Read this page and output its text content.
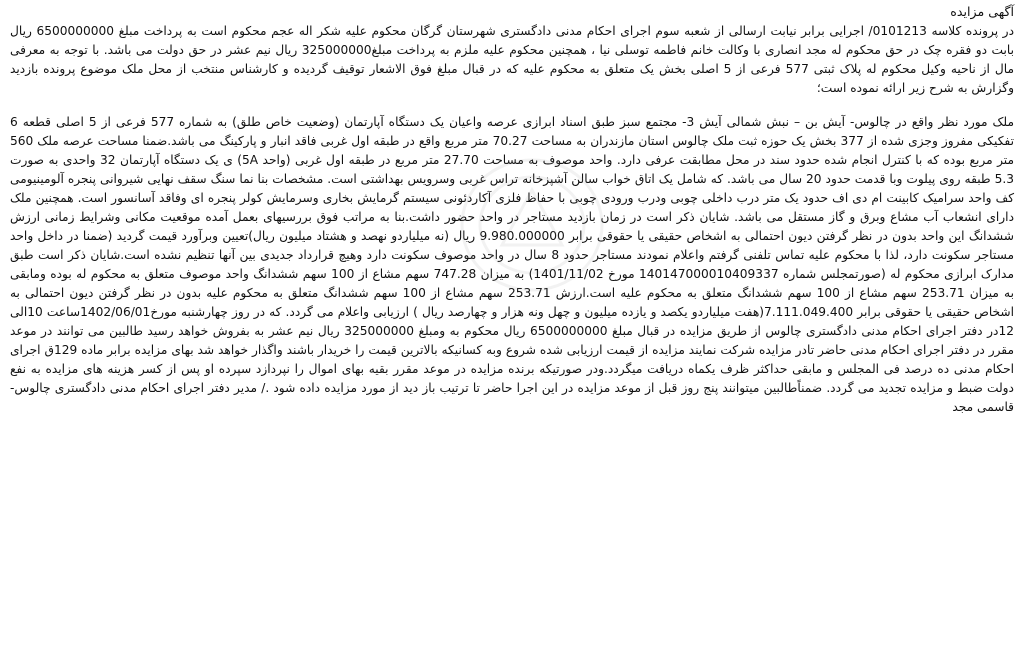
آگهی مزایده

در پرونده کلاسه 0101213/ اجرایی برابر نیابت ارسالی از شعبه سوم اجرای احکام مدنی دادگستری شهرستان گرگان محکوم علیه شکر اله عجم محکوم است به پرداخت مبلغ 6500000000 ریال بابت دو فقره چک در حق محکوم له مجد انصاری با وکالت خانم فاطمه توسلی نیا ، همچنین محکوم علیه ملزم به پرداخت مبلغ325000000 ریال نیم عشر در حق دولت می باشد. با توجه به معرفی مال از ناحیه وکیل محکوم له پلاک ثبتی 577 فرعی از 5 اصلی بخش یک متعلق به محکوم علیه که در قبال مبلغ فوق الاشعار توقیف گردیده و کارشناس منتخب از محل ملک موضوع پرونده بازدید وگزارش به شرح زیر ارائه نموده است؛

ملک مورد نظر واقع در چالوس- آیش بن – نبش شمالی آیش 3- مجتمع سبز طبق اسناد ابرازی عرصه واعیان یک دستگاه آپارتمان (وضعیت خاص طلق) به شماره 577 فرعی از 5 اصلی قطعه 6 تفکیکی مفروز وجزی شده از 377 بخش یک حوزه ثبت ملک چالوس استان مازندران به مساحت 70.27 متر مربع واقع در طبقه اول غربی فاقد انبار و پارکینگ می باشد.ضمنا مساحت عرصه ملک 560 متر مربع بوده که با کنترل انجام شده حدود سند در محل مطابقت عرفی دارد. واحد موصوف به مساحت 27.70 متر مربع در طبقه اول غربی (واحد 5A) ی یک دستگاه آپارتمان 32 واحدی به صورت 5.3 طبقه روی پیلوت وبا قدمت حدود 20 سال می باشد. که شامل یک اتاق خواب سالن آشپزخانه تراس غربی وسرویس بهداشتی است. مشخصات بنا نما سنگ سقف نهایی شیروانی پنجره آلومینیومی کف واحد سرامیک کابینت ام دی اف حدود یک متر درب داخلی چوبی ودرب ورودی چوبی با حفاظ فلزی آکاردئونی سیستم گرمایش بخاری وسرمایش کولر پنجره ای وفاقد آسانسور است. همچنین ملک دارای انشعاب آب مشاع وبرق و گاز مستقل می باشد. شایان ذکر است در زمان بازدید مستاجر در واحد حضور داشت.بنا به مراتب فوق بررسیهای بعمل آمده موقعیت مکانی وشرایط زمانی ارزش ششدانگ این واحد بدون در نظر گرفتن دیون احتمالی به اشخاص حقیقی یا حقوقی برابر 9.980.000000 ریال (نه میلیاردو نهصد و هشتاد میلیون ریال)تعیین وبرآورد قیمت گردید (ضمنا در داخل واحد مستاجر سکونت دارد، لذا با محکوم علیه تماس تلفنی گرفتم واعلام نمودند مستاجر حدود 8 سال در واحد موصوف سکونت دارد وهیچ قرارداد جدیدی بین آنها تنظیم نشده است.شایان ذکر است طبق مدارک ابرازی محکوم له (صورتمجلس شماره 140147000010409337 مورخ 1401/11/02) به میزان 747.28 سهم مشاع از 100 سهم ششدانگ واحد موصوف متعلق به محکوم له بوده ومابقی به میزان 253.71 سهم مشاع از 100 سهم ششدانگ متعلق به محکوم علیه است.ارزش 253.71 سهم مشاع از 100 سهم ششدانگ متعلق به محکوم علیه بدون در نظر گرفتن دیون احتمالی به اشخاص حقیقی یا حقوقی برابر 7.111.049.400(هفت میلیاردو یکصد و یازده میلیون و چهل ونه هزار و چهارصد ریال ) ارزیابی واعلام می گردد. که در روز چهارشنبه مورخ1402/06/01ساعت 10الی 12در دفتر اجرای احکام مدنی دادگستری چالوس از طریق مزایده در قبال مبلغ 6500000000 ریال محکوم به ومبلغ 325000000 ریال نیم عشر به بفروش خواهد رسید طالبین می توانند در موعد مقرر در دفتر اجرای احکام مدنی حاضر تادر مزایده شرکت نمایند مزایده از قیمت ارزیابی شده شروع وبه کسانیکه بالاترین قیمت را خریدار باشند واگذار خواهد شد بهای مزایده برابر ماده 129ق اجرای احکام مدنی ده درصد فی المجلس و مابقی حداکثر ظرف یکماه دریافت میگردد.ودر صورتیکه برنده مزایده در موعد مقرر بقیه بهای اموال را نپردازد سپرده او پس از کسر هزینه های مزایده به نفع دولت ضبط و مزایده تجدید می گردد. ضمناًطالبین میتوانند پنج روز قبل از موعد مزایده در این اجرا حاضر تا ترتیب باز دید از مورد مزایده داده شود ./ مدیر دفتر اجرای احکام مدنی دادگستری چالوس- قاسمی مجد
